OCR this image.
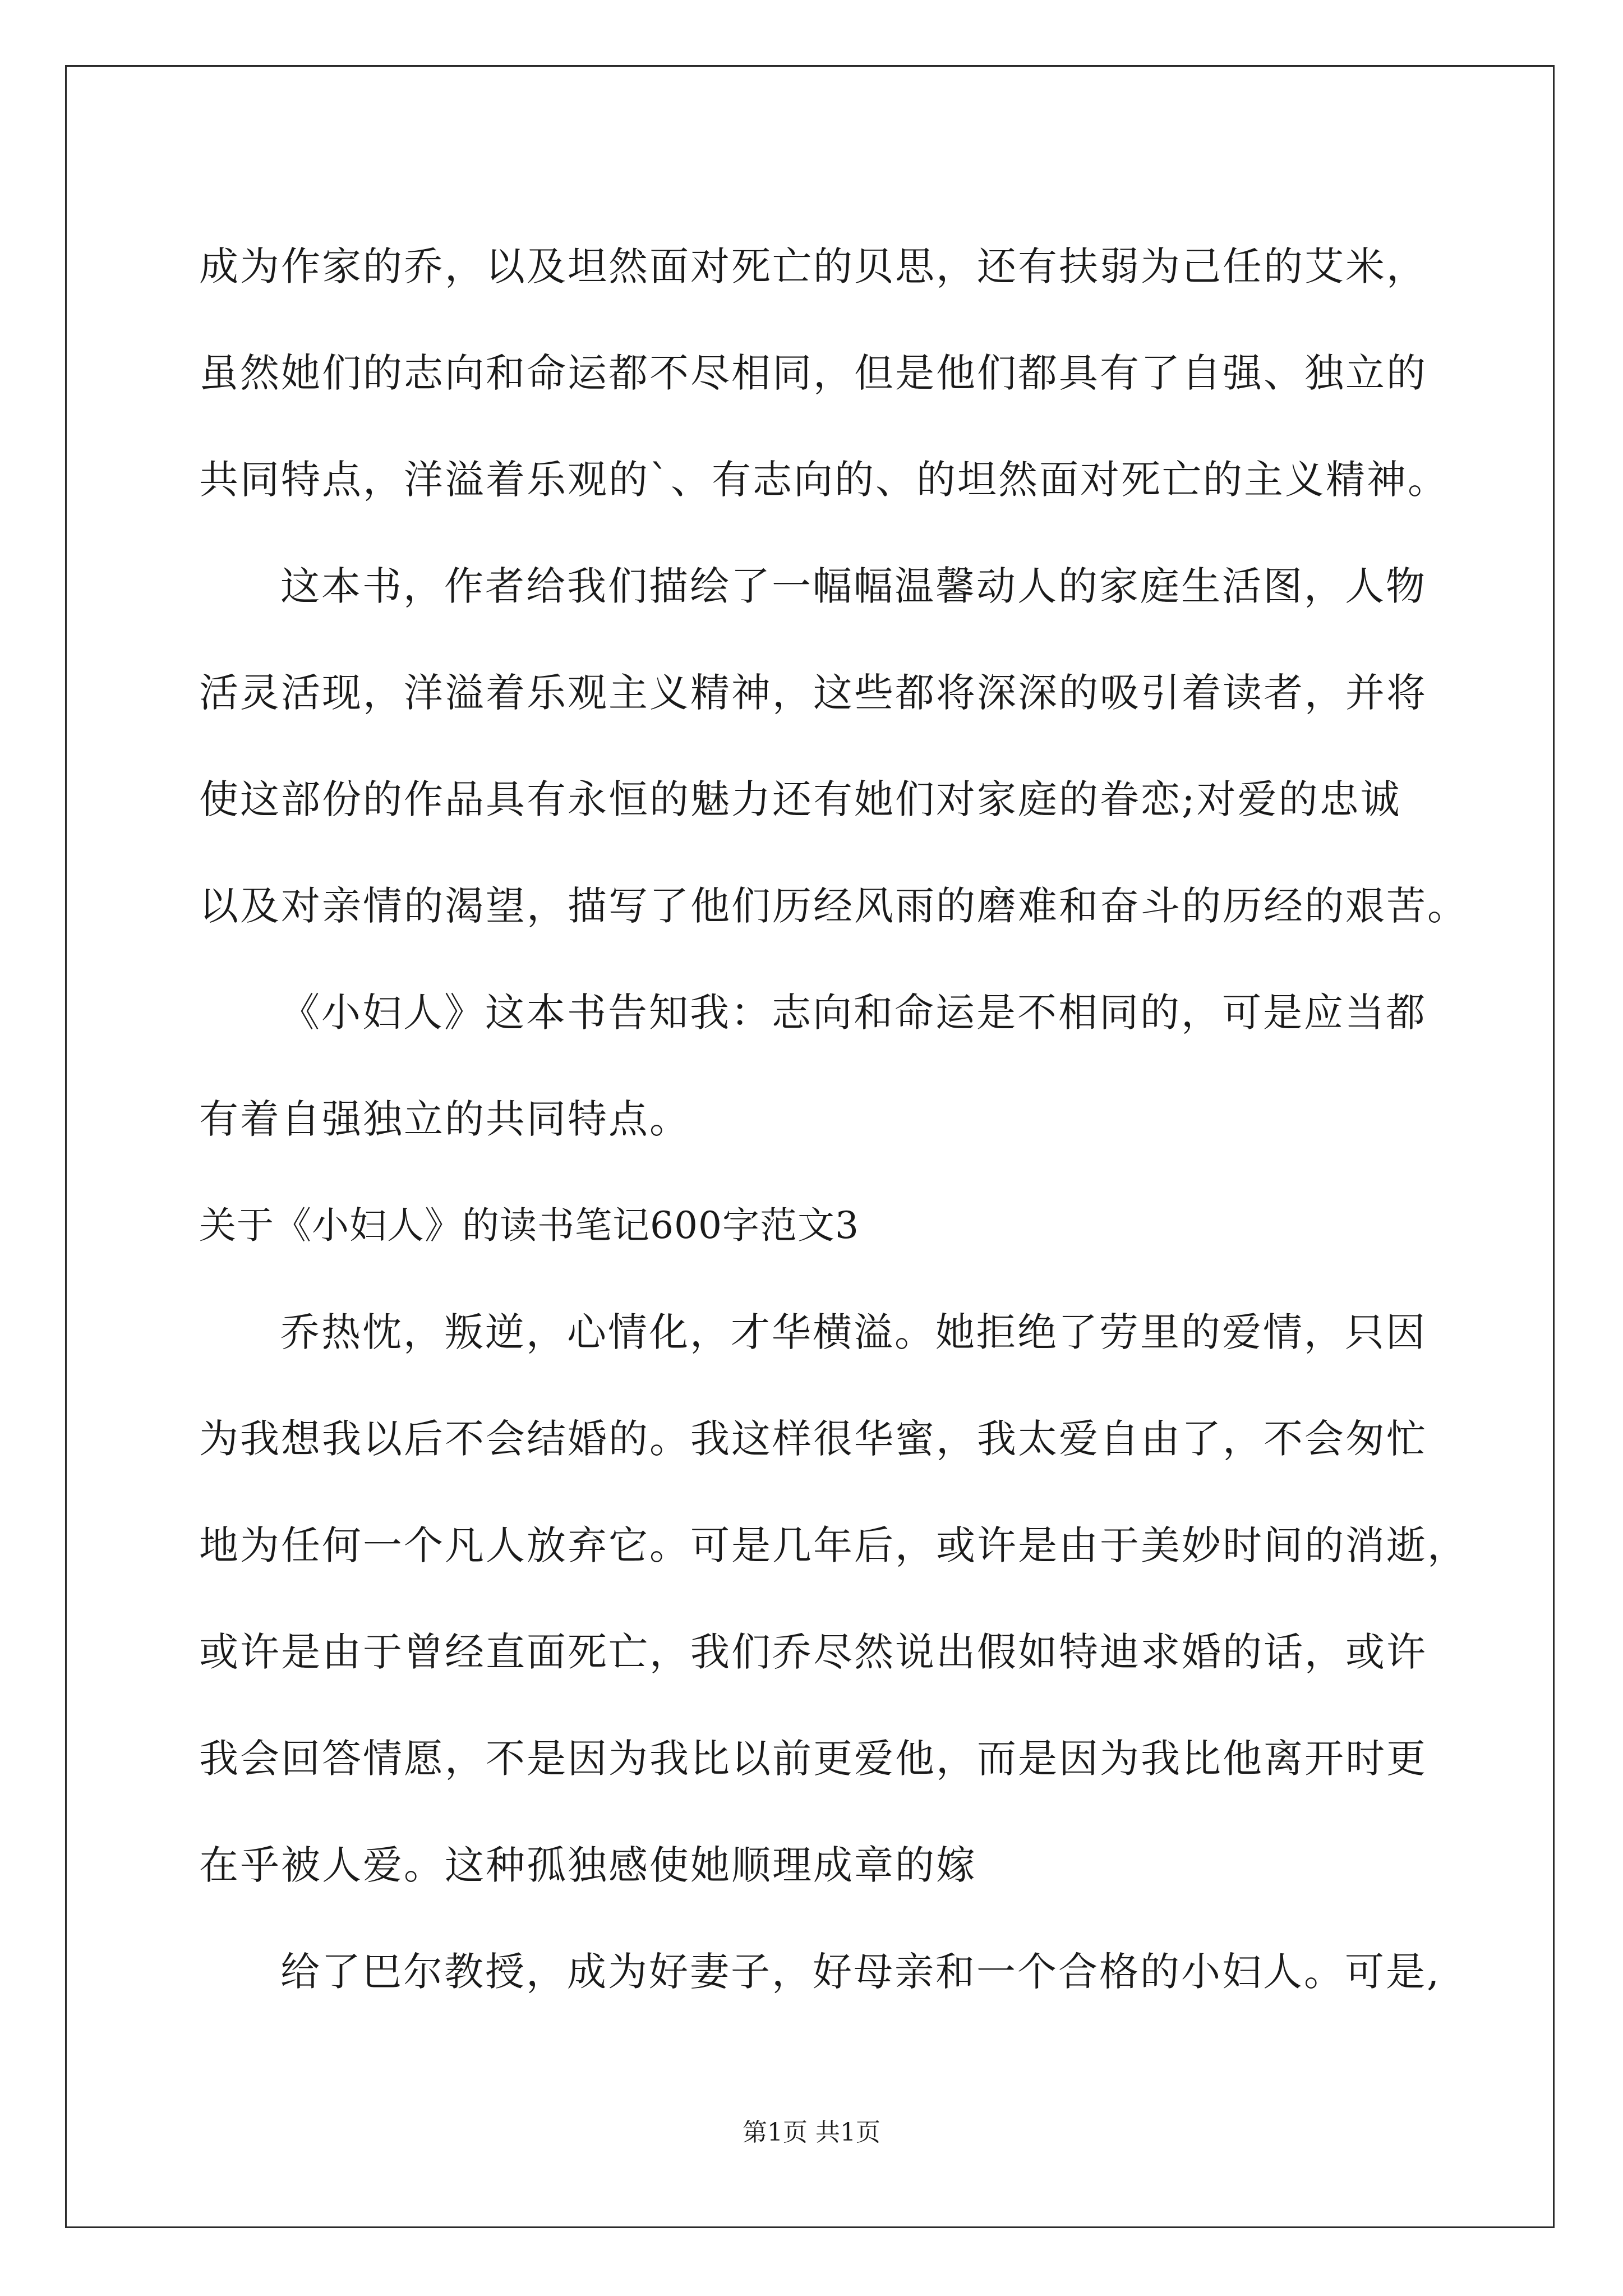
成为作家的乔，以及坦然面对死亡的贝思，还有扶弱为己任的艾米，
虽然她们的志向和命运都不尽相同，但是他们都具有了自强、独立的
共同特点，洋溢着乐观的`、有志向的、的坦然面对死亡的主义精神。
这本书，作者给我们描绘了一幅幅温馨动人的家庭生活图，人物
活灵活现，洋溢着乐观主义精神，这些都将深深的吸引着读者，并将
使这部份的作品具有永恒的魅力还有她们对家庭的眷恋;对爱的忠诚
以及对亲情的渴望，描写了他们历经风雨的磨难和奋斗的历经的艰苦。
《小妇人》这本书告知我：志向和命运是不相同的，可是应当都
有着自强独立的共同特点。
关于《小妇人》的读书笔记600字范文3
乔热忱，叛逆，心情化，才华横溢。她拒绝了劳里的爱情，只因
为我想我以后不会结婚的。我这样很华蜜，我太爱自由了，不会匆忙
地为任何一个凡人放弃它。可是几年后，或许是由于美妙时间的消逝，
或许是由于曾经直面死亡，我们乔尽然说出假如特迪求婚的话，或许
我会回答情愿，不是因为我比以前更爱他，而是因为我比他离开时更
在乎被人爱。这种孤独感使她顺理成章的嫁
给了巴尔教授，成为好妻子，好母亲和一个合格的小妇人。可是,
第1页 共1页
